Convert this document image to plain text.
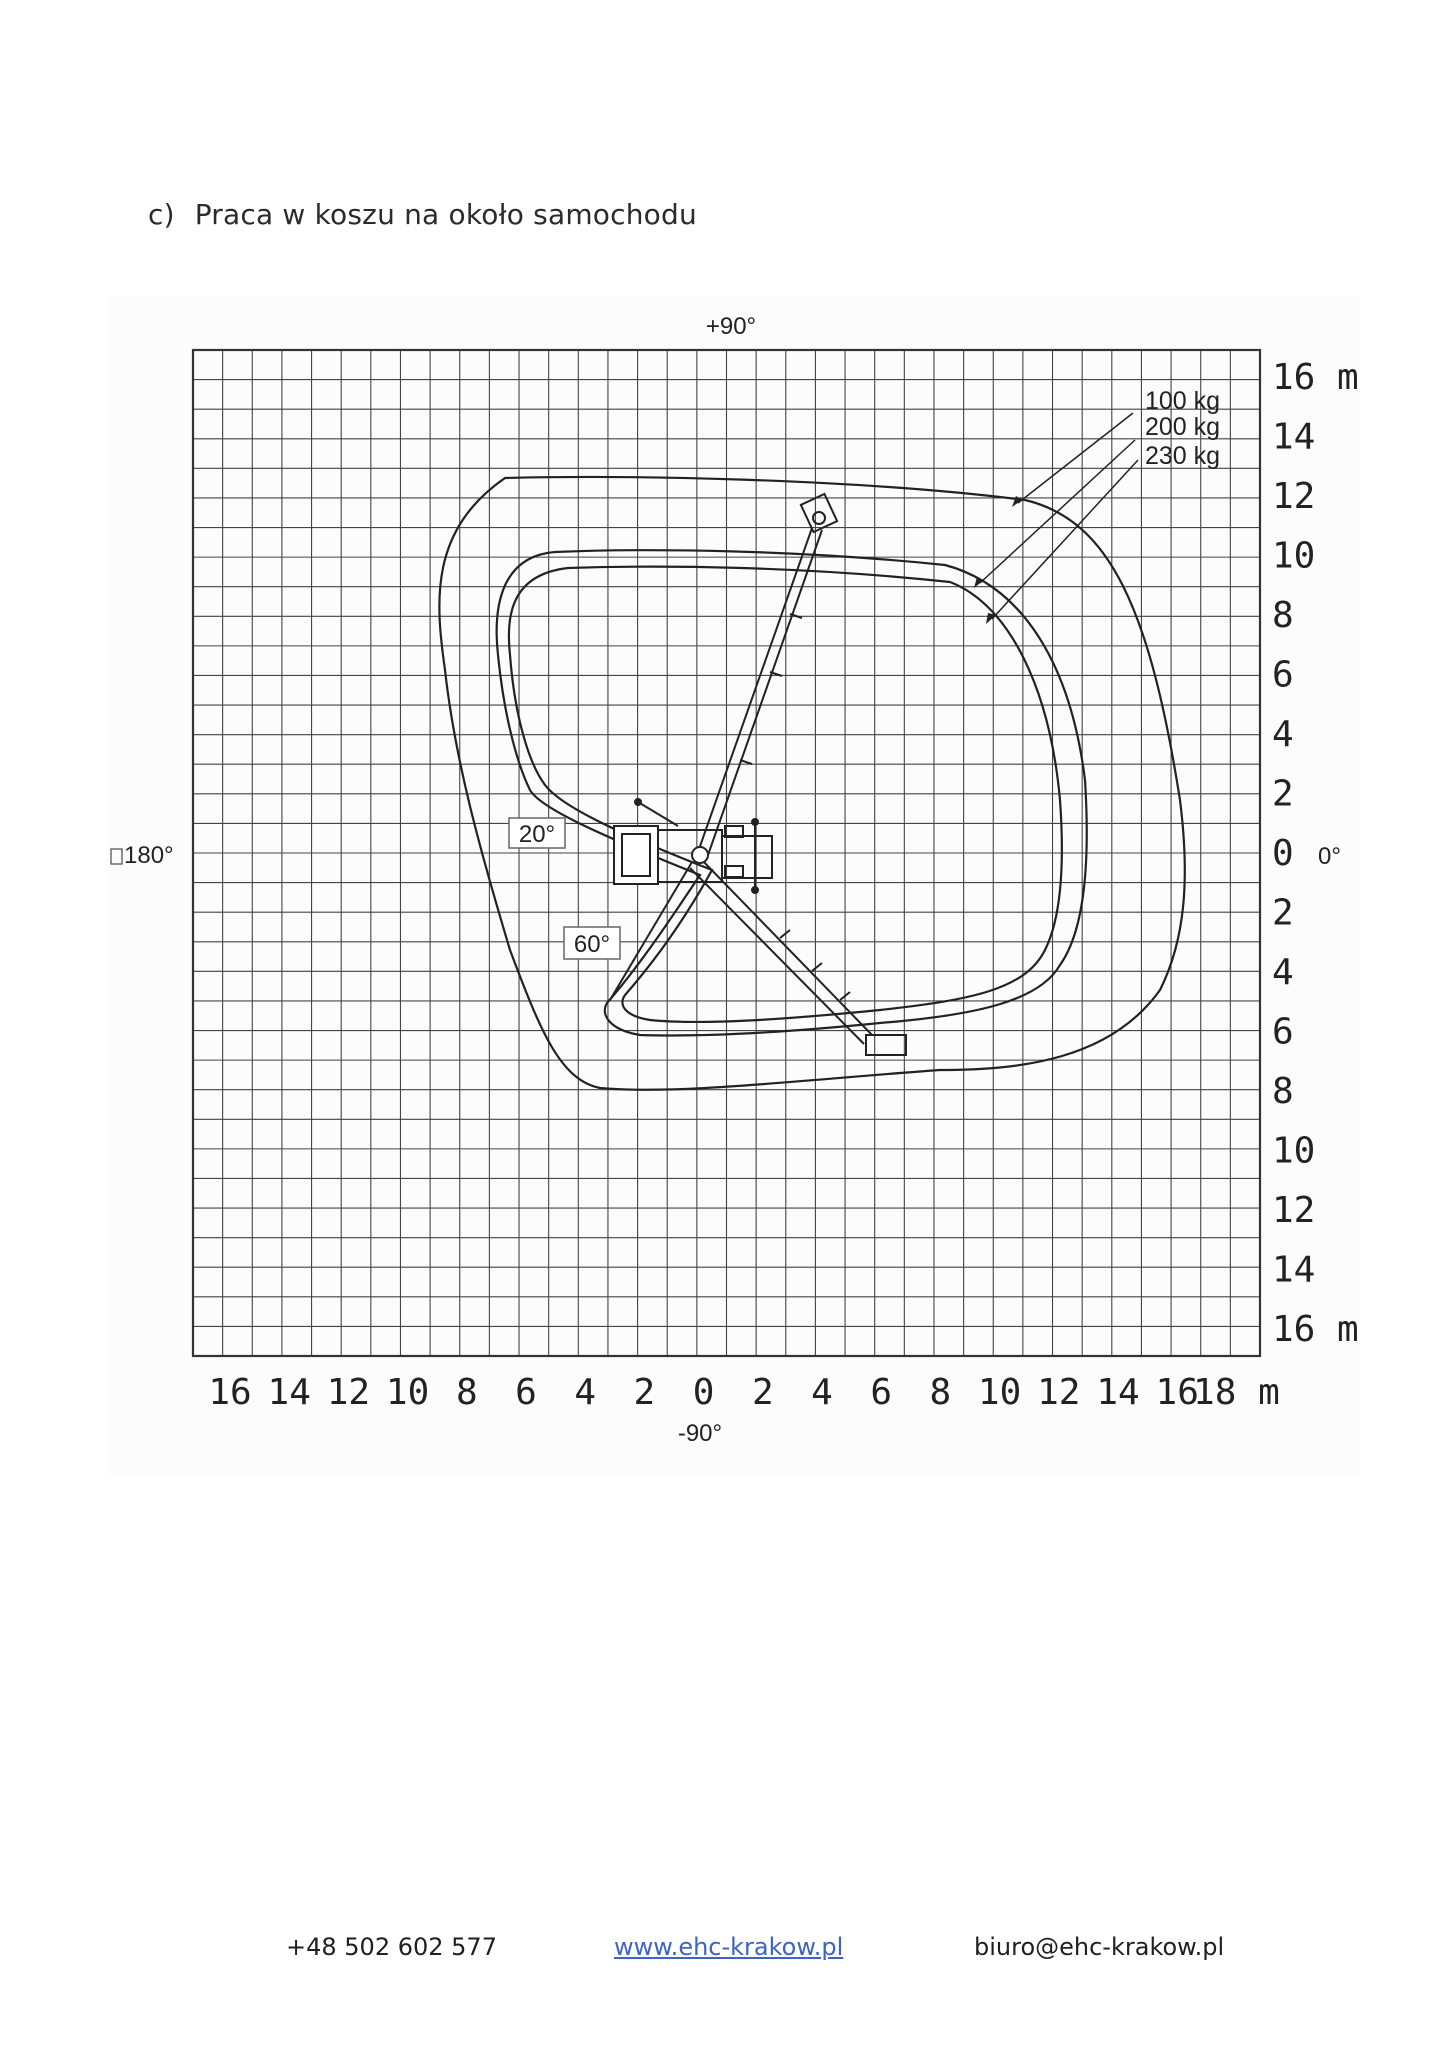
c) Praca w koszu na około samochodu
20°
60°
100 kg
200 kg
230 kg
+90°
-90°
180°	0°
16 m
14
12
10
8
6
4
2
0
2
4
6
8
10
12
14
16 m
16 14 12 10 8 6 4 2 0 2 4 6 8 10 12 14 16
18 m
+48 502 602 577	www.ehc-krakow.pl	biuro@ehc-krakow.pl
